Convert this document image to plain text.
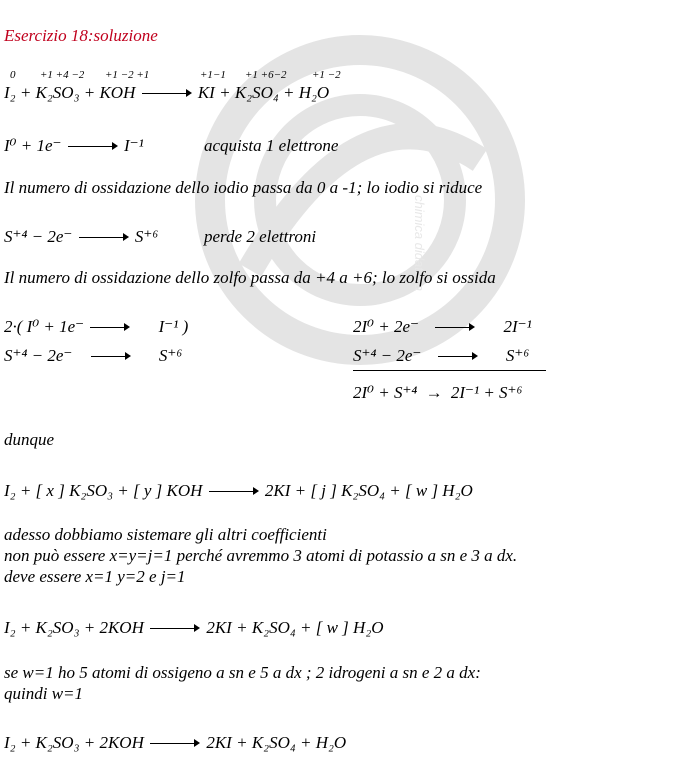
chimica didattica
Esercizio 18:soluzione
0 +1 +4 −2 +1 −2 +1	+1−1 +1 +6−2 +1 −2
I₂ + K₂SO₃ + KOH	KI + K₂SO₄ + H₂O
I⁰ + 1e⁻	I⁻¹	acquista 1 elettrone
Il numero di ossidazione dello iodio passa da 0 a -1; lo iodio si riduce
S⁺⁴ − 2e⁻	S⁺⁶	perde 2 elettroni
Il numero di ossidazione dello zolfo passa da +4 a +6; lo zolfo si ossida
2·( I⁰ + 1e⁻	I⁻¹ )
S⁺⁴ − 2e⁻	S⁺⁶
2I⁰ + 2e⁻	2I⁻¹
S⁺⁴ − 2e⁻	S⁺⁶
2I⁰ + S⁺⁴ → 2I⁻¹ + S⁺⁶
dunque
I₂ + [ x ] K₂SO₃ + [ y ] KOH	2KI + [ j ] K₂SO₄ + [ w ] H₂O
adesso dobbiamo sistemare gli altri coefficienti
non può essere x=y=j=1 perché avremmo 3 atomi di potassio a sn e 3 a dx.
deve essere x=1 y=2 e j=1
I₂ + K₂SO₃ + 2KOH	2KI + K₂SO₄ + [ w ] H₂O
se w=1 ho 5 atomi di ossigeno a sn e 5 a dx ; 2 idrogeni a sn e 2 a dx:
quindi w=1
I₂ + K₂SO₃ + 2KOH	2KI + K₂SO₄ + H₂O
